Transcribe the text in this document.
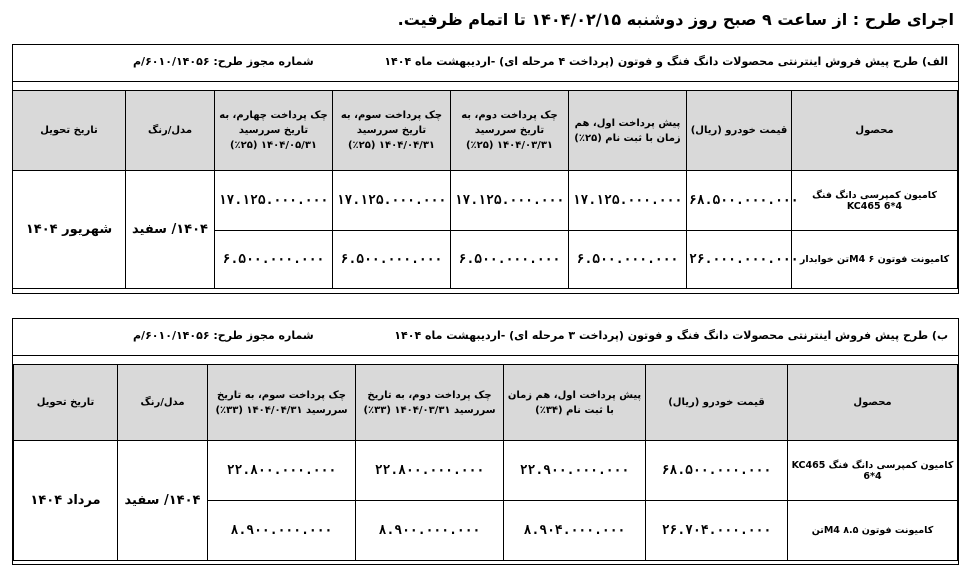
اجرای طرح : از ساعت ۹ صبح روز دوشنبه ۱۴۰۴/۰۲/۱۵ تا اتمام ظرفیت.
الف) طرح پیش فروش اینترنتی محصولات دانگ فنگ و فوتون (پرداخت ۴ مرحله ای) -اردیبهشت ماه ۱۴۰۴
شماره مجوز طرح: ۶۰۱۰/۱۴۰۵۶/م
محصول	قیمت خودرو (ریال)	پیش پرداخت اول، هم زمان با ثبت نام (۲۵٪)	چک پرداخت دوم، به تاریخ سررسید ۱۴۰۴/۰۳/۳۱ (۲۵٪)	چک پرداخت سوم، به تاریخ سررسید ۱۴۰۴/۰۴/۳۱ (۲۵٪)	چک پرداخت چهارم، به تاریخ سررسید ۱۴۰۴/۰۵/۳۱ (۲۵٪)	مدل/رنگ	تاریخ تحویل
کامیون کمپرسی دانگ فنگ KC465 6*4	۶۸.۵۰۰.۰۰۰.۰۰۰	۱۷.۱۲۵.۰۰۰.۰۰۰	۱۷.۱۲۵.۰۰۰.۰۰۰	۱۷.۱۲۵.۰۰۰.۰۰۰	۱۷.۱۲۵.۰۰۰.۰۰۰	۱۴۰۴/ سفید	شهریور ۱۴۰۴
کامیونت فوتون M4 ۶تن خوابدار	۲۶.۰۰۰.۰۰۰.۰۰۰	۶.۵۰۰.۰۰۰.۰۰۰	۶.۵۰۰.۰۰۰.۰۰۰	۶.۵۰۰.۰۰۰.۰۰۰	۶.۵۰۰.۰۰۰.۰۰۰		
ب) طرح پیش فروش اینترنتی محصولات دانگ فنگ و فوتون (پرداخت ۳ مرحله ای) -اردیبهشت ماه ۱۴۰۴
شماره مجوز طرح: ۶۰۱۰/۱۴۰۵۶/م
محصول	قیمت خودرو (ریال)	پیش پرداخت اول، هم زمان با ثبت نام (۳۴٪)	چک پرداخت دوم، به تاریخ سررسید ۱۴۰۴/۰۳/۳۱ (۳۳٪)	چک پرداخت سوم، به تاریخ سررسید ۱۴۰۴/۰۴/۳۱ (۳۳٪)	مدل/رنگ	تاریخ تحویل
کامیون کمپرسی دانگ فنگ KC465 6*4	۶۸.۵۰۰.۰۰۰.۰۰۰	۲۲.۹۰۰.۰۰۰.۰۰۰	۲۲.۸۰۰.۰۰۰.۰۰۰	۲۲.۸۰۰.۰۰۰.۰۰۰	۱۴۰۴/ سفید	مرداد ۱۴۰۴
کامیونت فوتون M4 ۸.۵تن	۲۶.۷۰۴.۰۰۰.۰۰۰	۸.۹۰۴.۰۰۰.۰۰۰	۸.۹۰۰.۰۰۰.۰۰۰	۸.۹۰۰.۰۰۰.۰۰۰		
